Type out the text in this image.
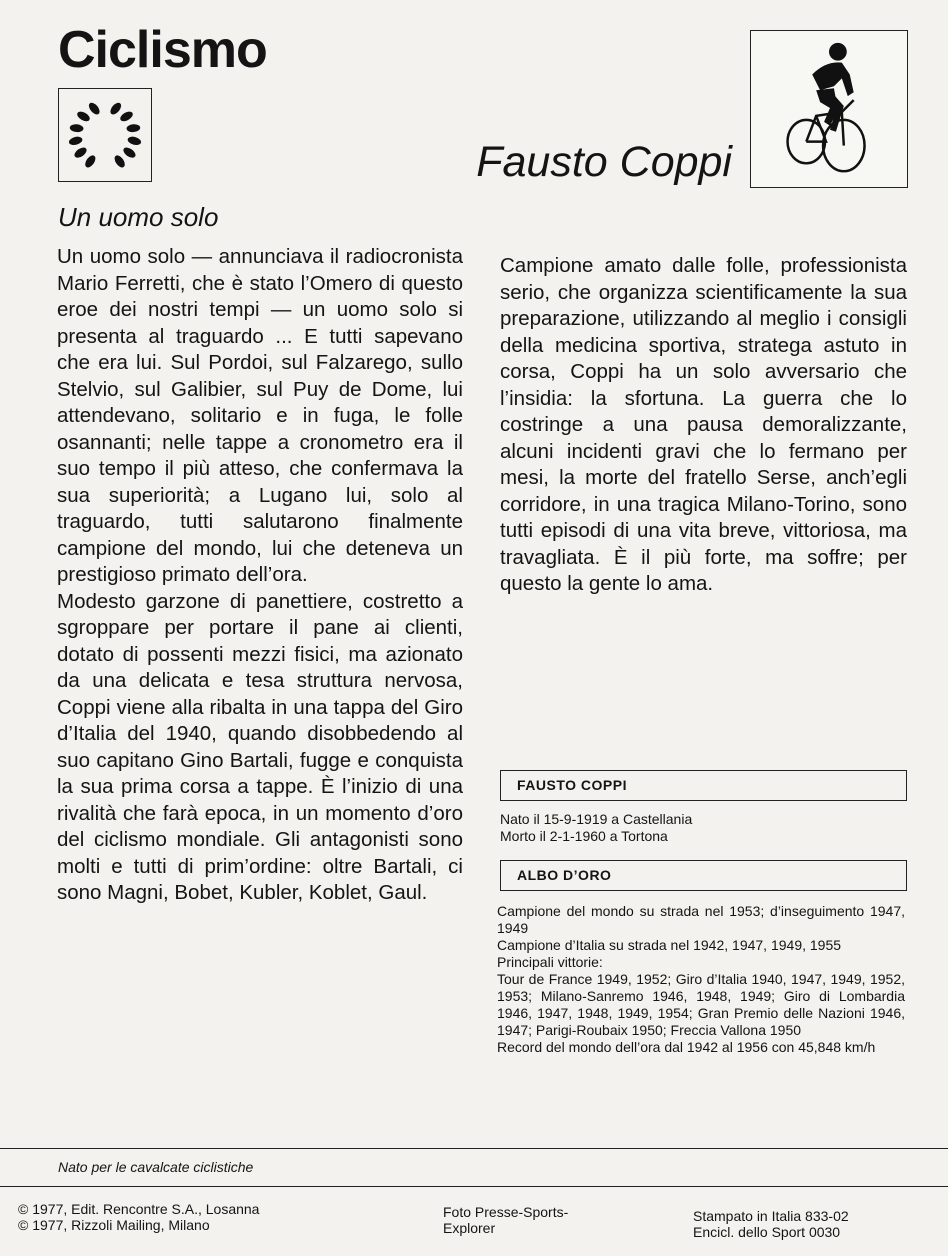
Ciclismo
Fausto Coppi
Un uomo solo

Un uomo solo — annunciava il radiocronista Mario Ferretti, che è stato l’Omero di questo eroe dei nostri tempi — un uomo solo si presenta al traguardo ... E tutti sapevano che era lui. Sul Pordoi, sul Falzarego, sullo Stelvio, sul Galibier, sul Puy de Dome, lui attendevano, solitario e in fuga, le folle osannanti; nelle tappe a cronometro era il suo tempo il più atteso, che confermava la sua superiorità; a Lugano lui, solo al traguardo, tutti salutarono finalmente campione del mondo, lui che deteneva un prestigioso primato dell’ora.

Modesto garzone di panettiere, costretto a sgroppare per portare il pane ai clienti, dotato di possenti mezzi fisici, ma azionato da una delicata e tesa struttura nervosa, Coppi viene alla ribalta in una tappa del Giro d’Italia del 1940, quando disobbedendo al suo capitano Gino Bartali, fugge e conquista la sua prima corsa a tappe. È l’inizio di una rivalità che farà epoca, in un momento d’oro del ciclismo mondiale. Gli antagonisti sono molti e tutti di prim’ordine: oltre Bartali, ci sono Magni, Bobet, Kubler, Koblet, Gaul.

Campione amato dalle folle, professionista serio, che organizza scientificamente la sua preparazione, utilizzando al meglio i consigli della medicina sportiva, stratega astuto in corsa, Coppi ha un solo avversario che l’insidia: la sfortuna. La guerra che lo costringe a una pausa demoralizzante, alcuni incidenti gravi che lo fermano per mesi, la morte del fratello Serse, anch’egli corridore, in una tragica Milano-Torino, sono tutti episodi di una vita breve, vittoriosa, ma travagliata. È il più forte, ma soffre; per questo la gente lo ama.

FAUSTO COPPI

Nato il 15-9-1919 a Castellania

Morto il 2-1-1960 a Tortona

ALBO D’ORO

Campione del mondo su strada nel 1953; d’inseguimento 1947, 1949

Campione d’Italia su strada nel 1942, 1947, 1949, 1955

Principali vittorie:

Tour de France 1949, 1952; Giro d’Italia 1940, 1947, 1949, 1952, 1953; Milano-Sanremo 1946, 1948, 1949; Giro di Lombardia 1946, 1947, 1948, 1949, 1954; Gran Premio delle Nazioni 1946, 1947; Parigi-Roubaix 1950; Freccia Vallona 1950

Record del mondo dell’ora dal 1942 al 1956 con 45,848 km/h

Nato per le cavalcate ciclistiche
© 1977, Edit. Rencontre S.A., Losanna
© 1977, Rizzoli Mailing, Milano
Foto Presse-Sports-
Explorer
Stampato in Italia 833-02
Encicl. dello Sport 0030
